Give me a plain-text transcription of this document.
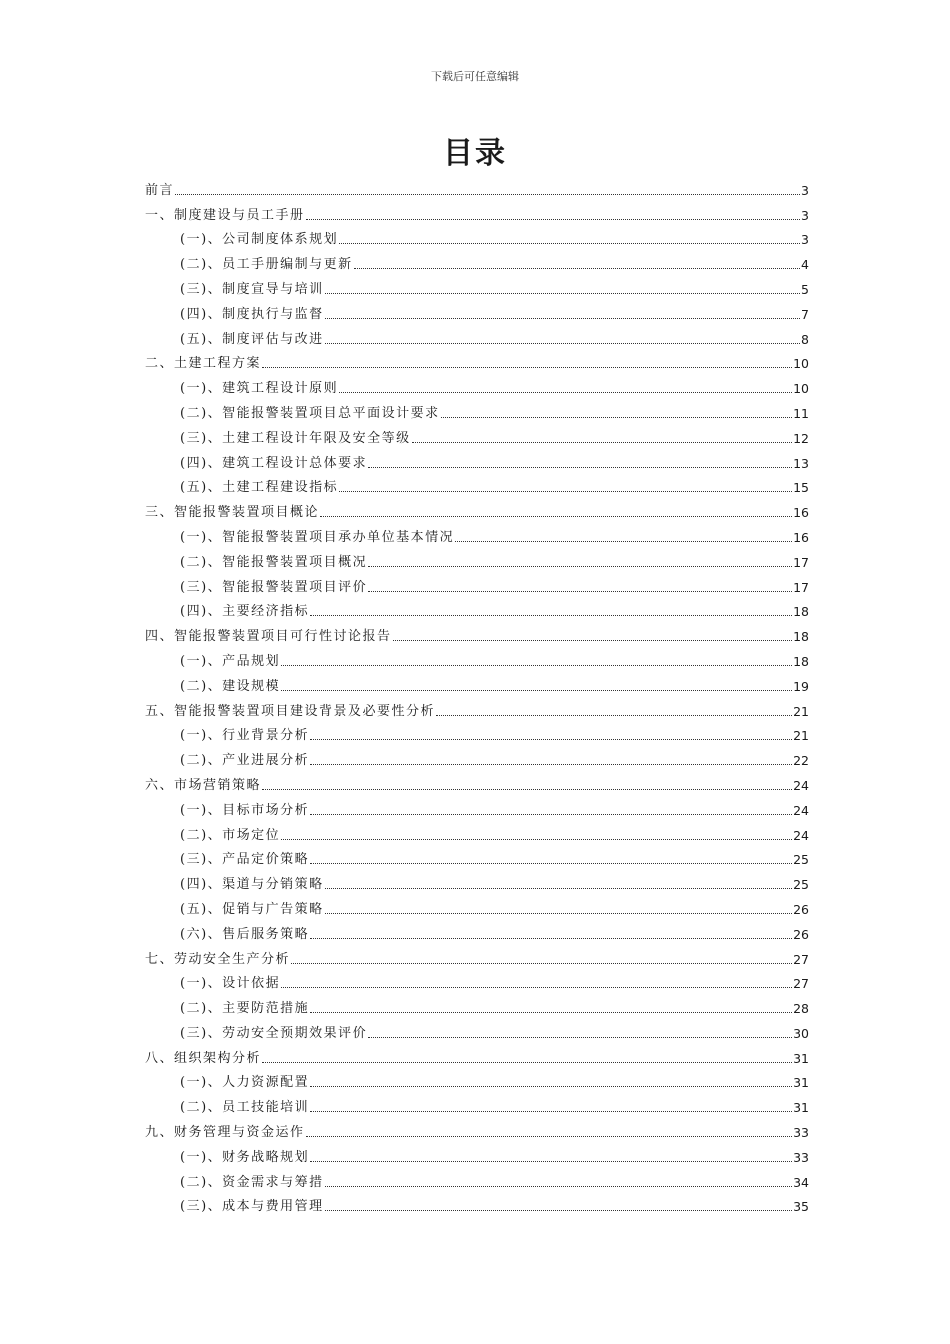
下载后可任意编辑
目录
前言	3
一、制度建设与员工手册	3
(一)、公司制度体系规划	3
(二)、员工手册编制与更新	4
(三)、制度宣导与培训	5
(四)、制度执行与监督	7
(五)、制度评估与改进	8
二、土建工程方案	10
(一)、建筑工程设计原则	10
(二)、智能报警装置项目总平面设计要求	11
(三)、土建工程设计年限及安全等级	12
(四)、建筑工程设计总体要求	13
(五)、土建工程建设指标	15
三、智能报警装置项目概论	16
(一)、智能报警装置项目承办单位基本情况	16
(二)、智能报警装置项目概况	17
(三)、智能报警装置项目评价	17
(四)、主要经济指标	18
四、智能报警装置项目可行性讨论报告	18
(一)、产品规划	18
(二)、建设规模	19
五、智能报警装置项目建设背景及必要性分析	21
(一)、行业背景分析	21
(二)、产业进展分析	22
六、市场营销策略	24
(一)、目标市场分析	24
(二)、市场定位	24
(三)、产品定价策略	25
(四)、渠道与分销策略	25
(五)、促销与广告策略	26
(六)、售后服务策略	26
七、劳动安全生产分析	27
(一)、设计依据	27
(二)、主要防范措施	28
(三)、劳动安全预期效果评价	30
八、组织架构分析	31
(一)、人力资源配置	31
(二)、员工技能培训	31
九、财务管理与资金运作	33
(一)、财务战略规划	33
(二)、资金需求与筹措	34
(三)、成本与费用管理	35
